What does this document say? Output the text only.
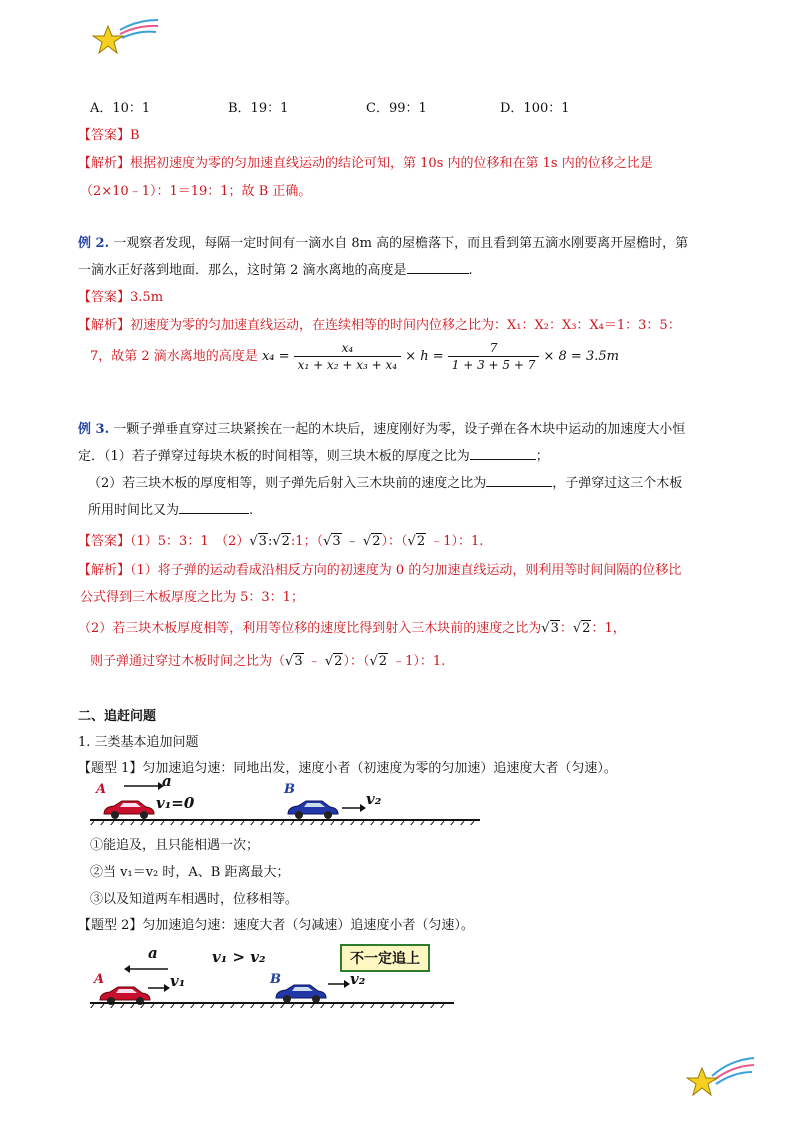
A．10：1	B．19：1	C．99：1	D．100：1
【答案】B
【解析】根据初速度为零的匀加速直线运动的结论可知，第 10s 内的位移和在第 1s 内的位移之比是
（2×10﹣1）：1＝19：1；故 B 正确。
例 2. 一观察者发现，每隔一定时间有一滴水自 8m 高的屋檐落下，而且看到第五滴水刚要离开屋檐时，第
一滴水正好落到地面．那么，这时第 2 滴水离地的高度是	.
【答案】3.5m
【解析】初速度为零的匀加速直线运动，在连续相等的时间内位移之比为：X₁：X₂：X₃：X₄＝1：3：5：
7，故第 2 滴水离地的高度是 $x_4 = \frac{\text{x₄}}{\text{x₁ + x₂ + x₃ + x₄}} \times h = \frac{7}{1 + 3 + 5 + 7} \times 8 = 3.5m$
例 3. 一颗子弹垂直穿过三块紧挨在一起的木块后，速度刚好为零，设子弹在各木块中运动的加速度大小恒
定．（1）若子弹穿过每块木板的时间相等，则三块木板的厚度之比为	；
（2）若三块木板的厚度相等，则子弹先后射入三木块前的速度之比为	，子弹穿过这三个木板
所用时间比又为	.
【答案】（1）5：3：1　（2）√3:√2:1；（√3 ﹣ √2）：（√2 ﹣1）：1.
【解析】（1）将子弹的运动看成沿相反方向的初速度为 0 的匀加速直线运动，则利用等时间间隔的位移比
公式得到三木板厚度之比为 5：3：1；
（2）若三块木板厚度相等，利用等位移的速度比得到射入三木块前的速度之比为√3：√2：1，
则子弹通过穿过木板时间之比为（√3 ﹣ √2）：（√2 ﹣1）：1.
二、追赶问题
1. 三类基本追加问题
【题型 1】匀加速追匀速：同地出发，速度小者（初速度为零的匀加速）追速度大者（匀速）。
A	a
v₁=0
B
v₂
①能追及，且只能相遇一次；
②当 v₁＝v₂ 时，A、B 距离最大；
③以及知道两车相遇时，位移相等。
【题型 2】匀加速追匀速：速度大者（匀减速）追速度小者（匀速）。
a	v₁ > v₂	不一定追上
A	v₁	B	v₂
